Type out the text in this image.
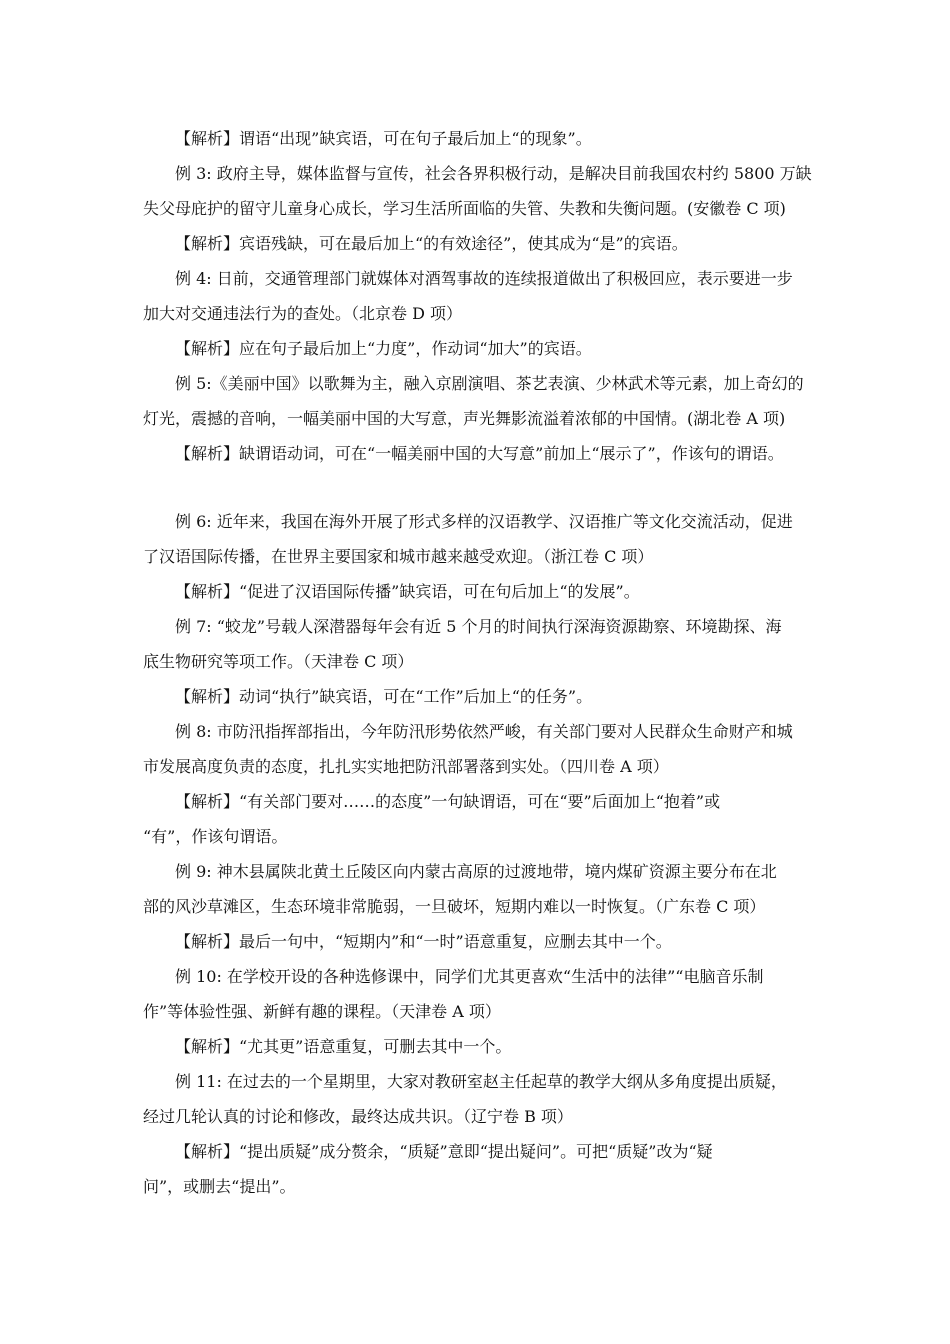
【解析】谓语“出现”缺宾语，可在句子最后加上“的现象”。

例 3: 政府主导，媒体监督与宣传，社会各界积极行动，是解决目前我国农村约 5800 万缺

失父母庇护的留守儿童身心成长，学习生活所面临的失管、失教和失衡问题。(安徽卷 C 项)

【解析】宾语残缺，可在最后加上“的有效途径”，使其成为“是”的宾语。

例 4: 日前，交通管理部门就媒体对酒驾事故的连续报道做出了积极回应，表示要进一步

加大对交通违法行为的查处。（北京卷 D 项）

【解析】应在句子最后加上“力度”，作动词“加大”的宾语。

例 5:《美丽中国》以歌舞为主，融入京剧演唱、茶艺表演、少林武术等元素，加上奇幻的

灯光，震撼的音响，一幅美丽中国的大写意，声光舞影流溢着浓郁的中国情。(湖北卷 A 项)

【解析】缺谓语动词，可在“一幅美丽中国的大写意”前加上“展示了”，作该句的谓语。

例 6: 近年来，我国在海外开展了形式多样的汉语教学、汉语推广等文化交流活动，促进

了汉语国际传播，在世界主要国家和城市越来越受欢迎。（浙江卷 C 项）

【解析】“促进了汉语国际传播”缺宾语，可在句后加上“的发展”。

例 7: “蛟龙”号载人深潜器每年会有近 5 个月的时间执行深海资源勘察、环境勘探、海

底生物研究等项工作。（天津卷 C 项）

【解析】动词“执行”缺宾语，可在“工作”后加上“的任务”。

例 8: 市防汛指挥部指出，今年防汛形势依然严峻，有关部门要对人民群众生命财产和城

市发展高度负责的态度，扎扎实实地把防汛部署落到实处。（四川卷 A 项）

【解析】“有关部门要对……的态度”一句缺谓语，可在“要”后面加上“抱着”或

“有”，作该句谓语。

例 9: 神木县属陕北黄土丘陵区向内蒙古高原的过渡地带，境内煤矿资源主要分布在北

部的风沙草滩区，生态环境非常脆弱，一旦破坏，短期内难以一时恢复。（广东卷 C 项）

【解析】最后一句中，“短期内”和“一时”语意重复，应删去其中一个。

例 10: 在学校开设的各种选修课中，同学们尤其更喜欢“生活中的法律”“电脑音乐制

作”等体验性强、新鲜有趣的课程。（天津卷 A 项）

【解析】“尤其更”语意重复，可删去其中一个。

例 11: 在过去的一个星期里，大家对教研室赵主任起草的教学大纲从多角度提出质疑，

经过几轮认真的讨论和修改，最终达成共识。（辽宁卷 B 项）

【解析】“提出质疑”成分赘余，“质疑”意即“提出疑问”。可把“质疑”改为“疑

问”，或删去“提出”。
